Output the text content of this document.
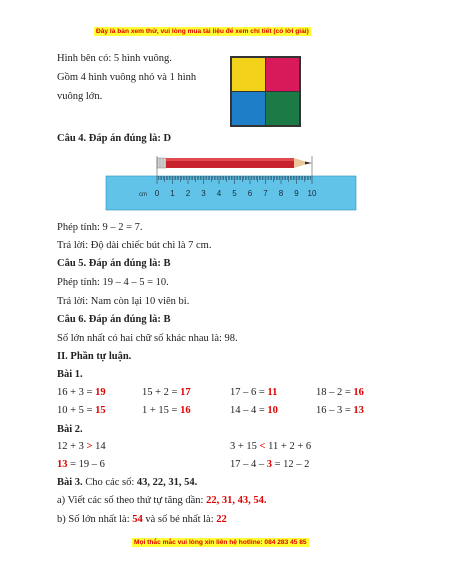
Đây là bản xem thử, vui lòng mua tài liệu để xem chi tiết (có lời giải)
Hình bên có: 5 hình vuông.
Gồm 4 hình vuông nhỏ và 1 hình
vuông lớn.
Câu 4. Đáp án đúng là: D
0 1 2 3 4 5 6 7 8 9 10
cm
Phép tính: 9 – 2 = 7.
Trả lời: Độ dài chiếc bút chì là 7 cm.
Câu 5. Đáp án đúng là: B
Phép tính: 19 – 4 – 5 = 10.
Trả lời: Nam còn lại 10 viên bi.
Câu 6. Đáp án đúng là: B
Số lớn nhất có hai chữ số khác nhau là: 98.
II. Phần tự luận.
Bài 1.
16 + 3 = 19	15 + 2 = 17	17 – 6 = 11	18 – 2 = 16
10 + 5 = 15	1 + 15 = 16	14 – 4 = 10	16 – 3 = 13
Bài 2.
12 + 3 > 14	3 + 15 < 11 + 2 + 6
13 = 19 – 6	17 – 4 – 3 = 12 – 2
Bài 3. Cho các số: 43, 22, 31, 54.
a) Viết các số theo thứ tự tăng dần: 22, 31, 43, 54.
b) Số lớn nhất là: 54 và số bé nhất là: 22
Mọi thắc mắc vui lòng xin liên hệ hotline: 084 283 45 85
